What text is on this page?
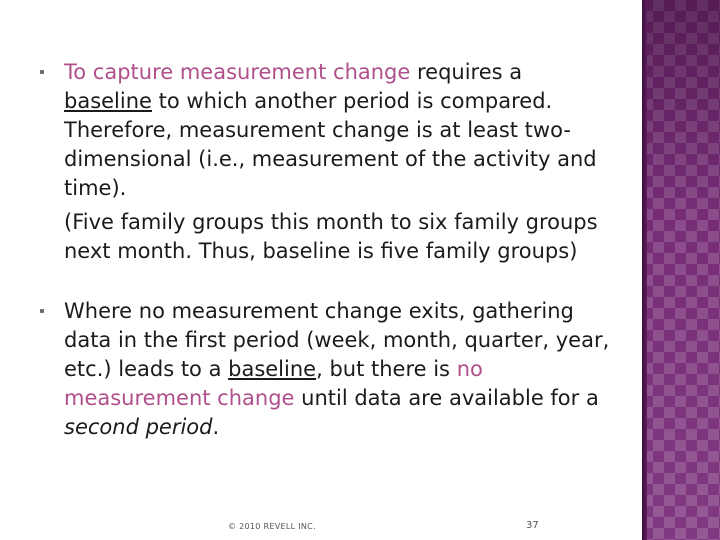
To capture measurement change requires a baseline to which another period is compared. Therefore, measurement change is at least two-dimensional (i.e., measurement of the activity and time).
(Five family groups this month to six family groups next month. Thus, baseline is five family groups)
Where no measurement change exits, gathering data in the first period (week, month, quarter, year, etc.) leads to a baseline, but there is no measurement change until data are available for a second period.
© 2010 REVELL INC.	37
